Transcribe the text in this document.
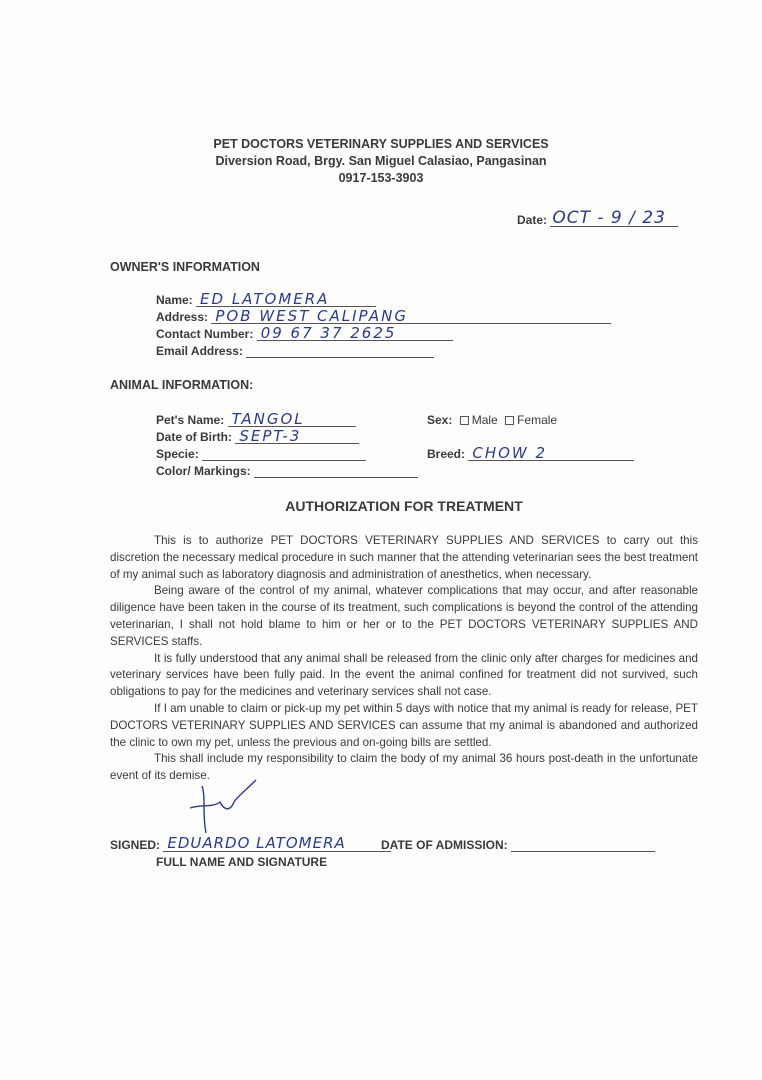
PET DOCTORS VETERINARY SUPPLIES AND SERVICES
Diversion Road, Brgy. San Miguel Calasiao, Pangasinan
0917-153-3903
Date: OCT - 9 / 23
OWNER'S INFORMATION
Name: ED LATOMERA
Address: POB WEST CALIPANG
Contact Number: 09 67 37 2625
Email Address:
ANIMAL INFORMATION:
Pet's Name: TANGOL
Date of Birth: SEPT-3
Specie:
Color/ Markings:
Sex: Male Female
Breed: CHOW 2
AUTHORIZATION FOR TREATMENT

This is to authorize PET DOCTORS VETERINARY SUPPLIES AND SERVICES to carry out this discretion the necessary medical procedure in such manner that the attending veterinarian sees the best treatment of my animal such as laboratory diagnosis and administration of anesthetics, when necessary.

Being aware of the control of my animal, whatever complications that may occur, and after reasonable diligence have been taken in the course of its treatment, such complications is beyond the control of the attending veterinarian, I shall not hold blame to him or her or to the PET DOCTORS VETERINARY SUPPLIES AND SERVICES staffs.

It is fully understood that any animal shall be released from the clinic only after charges for medicines and veterinary services have been fully paid. In the event the animal confined for treatment did not survived, such obligations to pay for the medicines and veterinary services shall not case.

If I am unable to claim or pick-up my pet within 5 days with notice that my animal is ready for release, PET DOCTORS VETERINARY SUPPLIES AND SERVICES can assume that my animal is abandoned and authorized the clinic to own my pet, unless the previous and on-going bills are settled.

This shall include my responsibility to claim the body of my animal 36 hours post-death in the unfortunate event of its demise.

SIGNED: EDUARDO LATOMERA
FULL NAME AND SIGNATURE
DATE OF ADMISSION:
